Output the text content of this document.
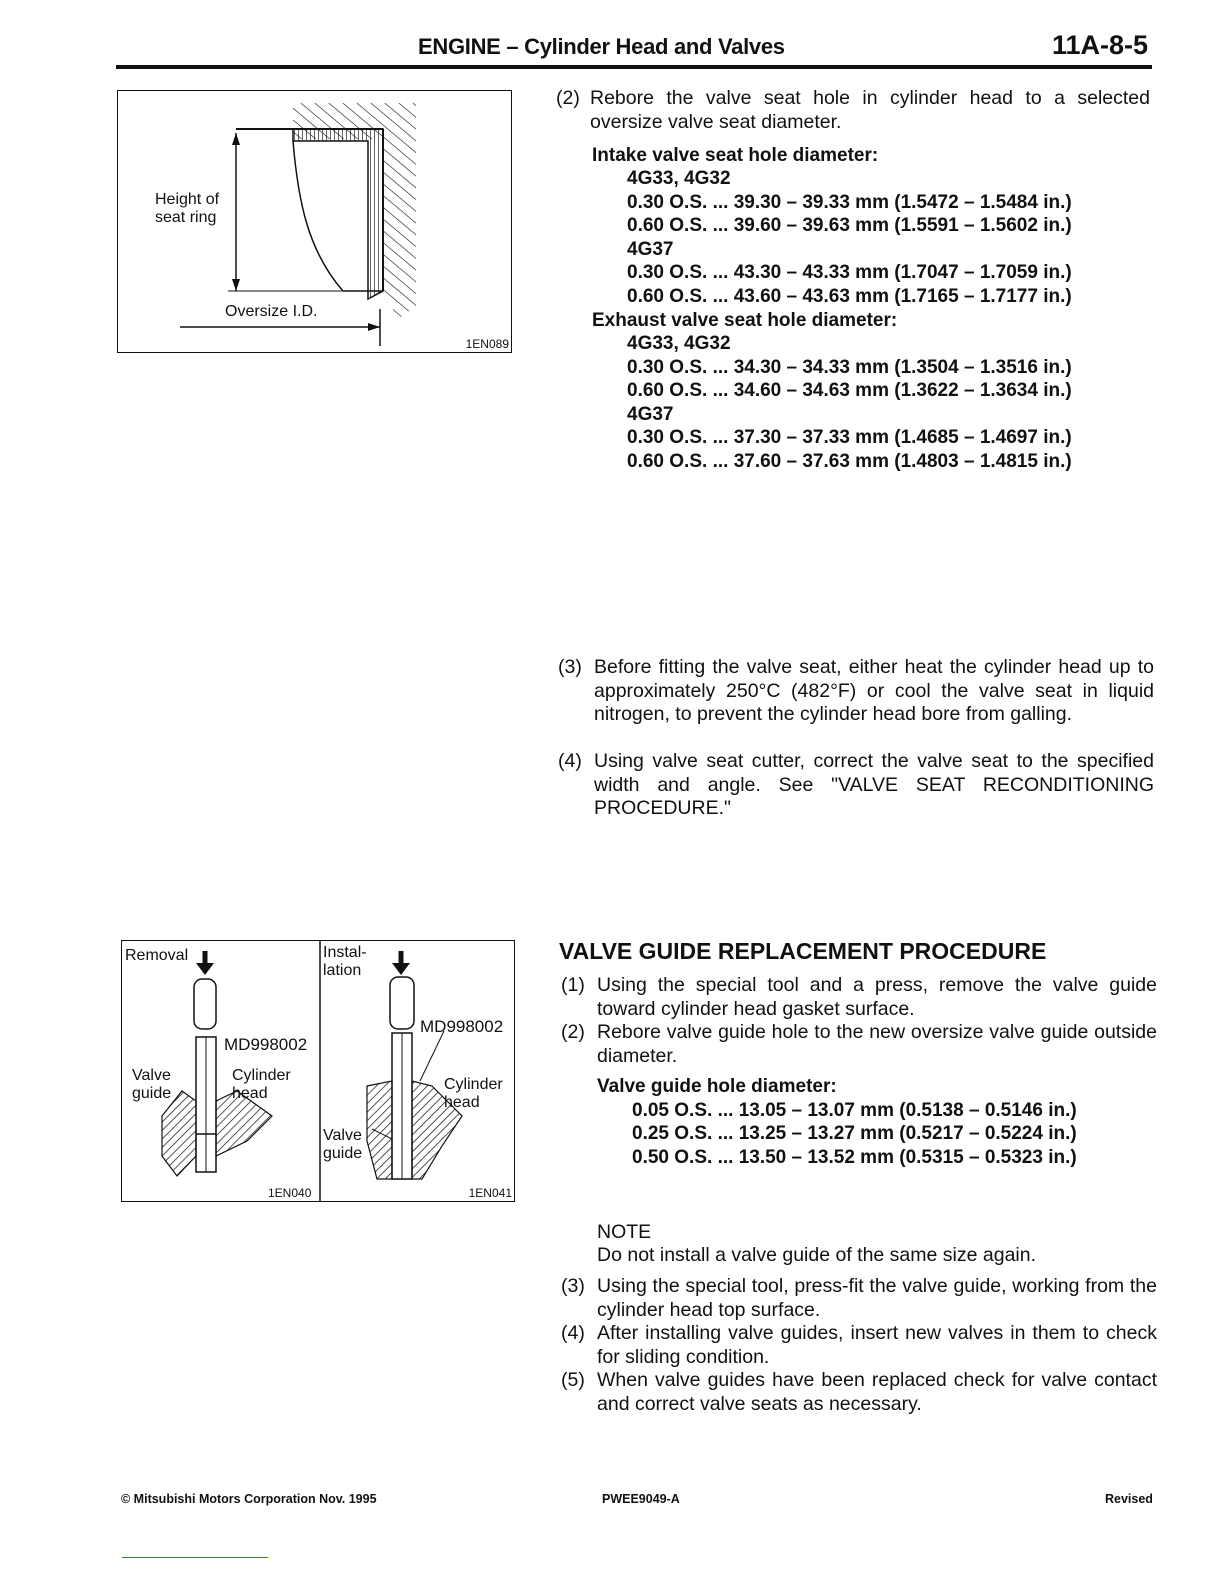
ENGINE – Cylinder Head and Valves	11A-8-5
Height of
seat ring
Oversize I.D.
1EN089
(2) Rebore the valve seat hole in cylinder head to a selected oversize valve seat diameter.
Intake valve seat hole diameter:
4G33, 4G32
0.30 O.S. ... 39.30 – 39.33 mm (1.5472 – 1.5484 in.)
0.60 O.S. ... 39.60 – 39.63 mm (1.5591 – 1.5602 in.)
4G37
0.30 O.S. ... 43.30 – 43.33 mm (1.7047 – 1.7059 in.)
0.60 O.S. ... 43.60 – 43.63 mm (1.7165 – 1.7177 in.)
Exhaust valve seat hole diameter:
4G33, 4G32
0.30 O.S. ... 34.30 – 34.33 mm (1.3504 – 1.3516 in.)
0.60 O.S. ... 34.60 – 34.63 mm (1.3622 – 1.3634 in.)
4G37
0.30 O.S. ... 37.30 – 37.33 mm (1.4685 – 1.4697 in.)
0.60 O.S. ... 37.60 – 37.63 mm (1.4803 – 1.4815 in.)
(3) Before fitting the valve seat, either heat the cylinder head up to approximately 250°C (482°F) or cool the valve seat in liquid nitrogen, to prevent the cylinder head bore from galling.
(4) Using valve seat cutter, correct the valve seat to the specified width and angle. See "VALVE SEAT RECONDITIONING PROCEDURE."
Removal	Instal-
lation
MD998002
MD998002
Valve
guide
Cylinder
head
Cylinder
head
Valve
guide
1EN040	1EN041
VALVE GUIDE REPLACEMENT PROCEDURE
(1) Using the special tool and a press, remove the valve guide toward cylinder head gasket surface.
(2) Rebore valve guide hole to the new oversize valve guide outside diameter.
Valve guide hole diameter:
0.05 O.S. ... 13.05 – 13.07 mm (0.5138 – 0.5146 in.)
0.25 O.S. ... 13.25 – 13.27 mm (0.5217 – 0.5224 in.)
0.50 O.S. ... 13.50 – 13.52 mm (0.5315 – 0.5323 in.)
NOTE
Do not install a valve guide of the same size again.
(3) Using the special tool, press-fit the valve guide, working from the cylinder head top surface.
(4) After installing valve guides, insert new valves in them to check for sliding condition.
(5) When valve guides have been replaced check for valve contact and correct valve seats as necessary.
© Mitsubishi Motors Corporation Nov. 1995	PWEE9049-A	Revised
